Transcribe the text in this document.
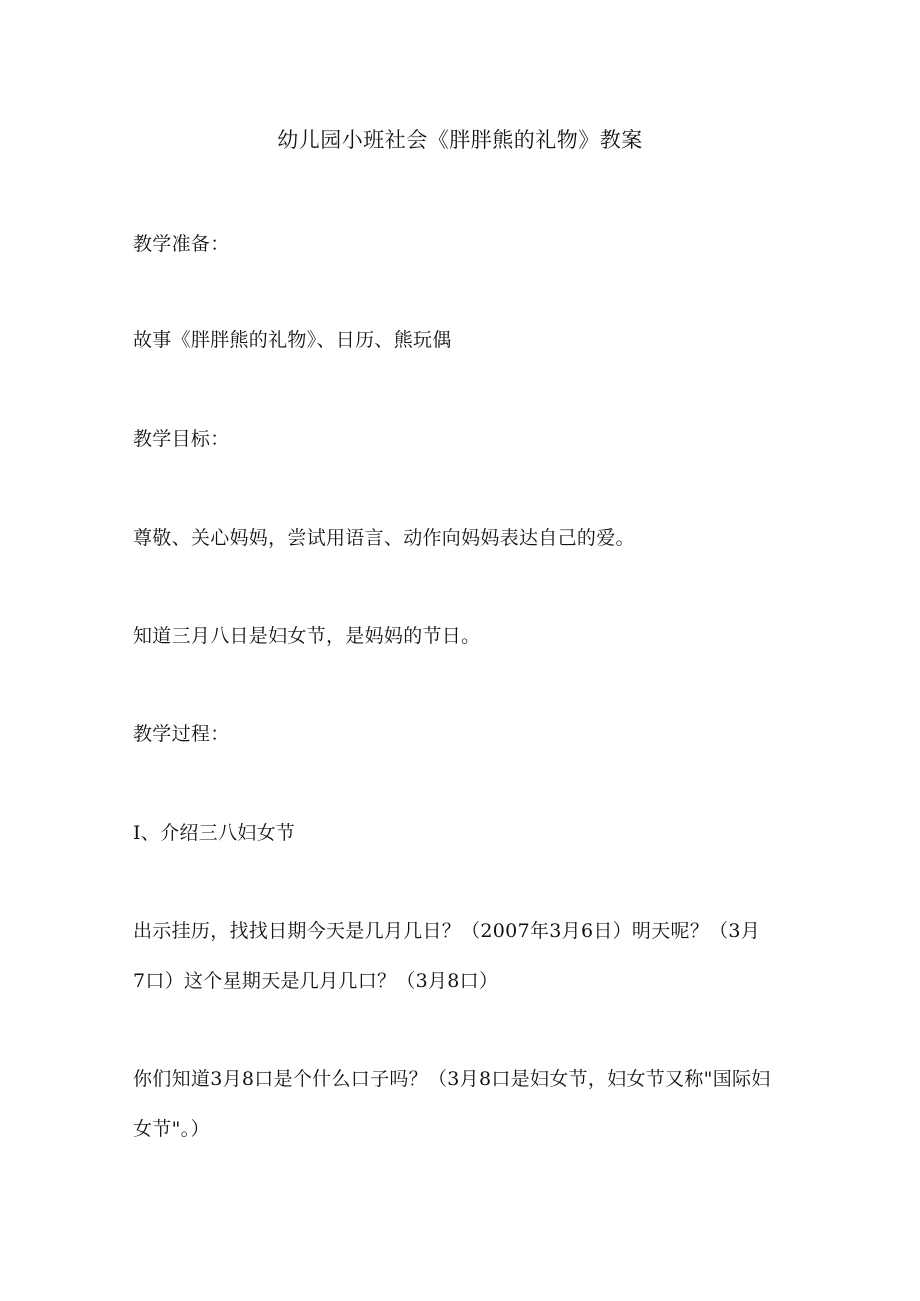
幼儿园小班社会《胖胖熊的礼物》教案

教学准备：

故事《胖胖熊的礼物》、日历、熊玩偶

教学目标：

尊敬、关心妈妈，尝试用语言、动作向妈妈表达自己的爱。

知道三月八日是妇女节，是妈妈的节日。

教学过程：

I、介绍三八妇女节

出示挂历，找找日期今天是几月几日？（2007年3月6日）明天呢？（3月
7口）这个星期天是几月几口？（3月8口）

你们知道3月8口是个什么口子吗？（3月8口是妇女节，妇女节又称"国际妇
女节"。）
